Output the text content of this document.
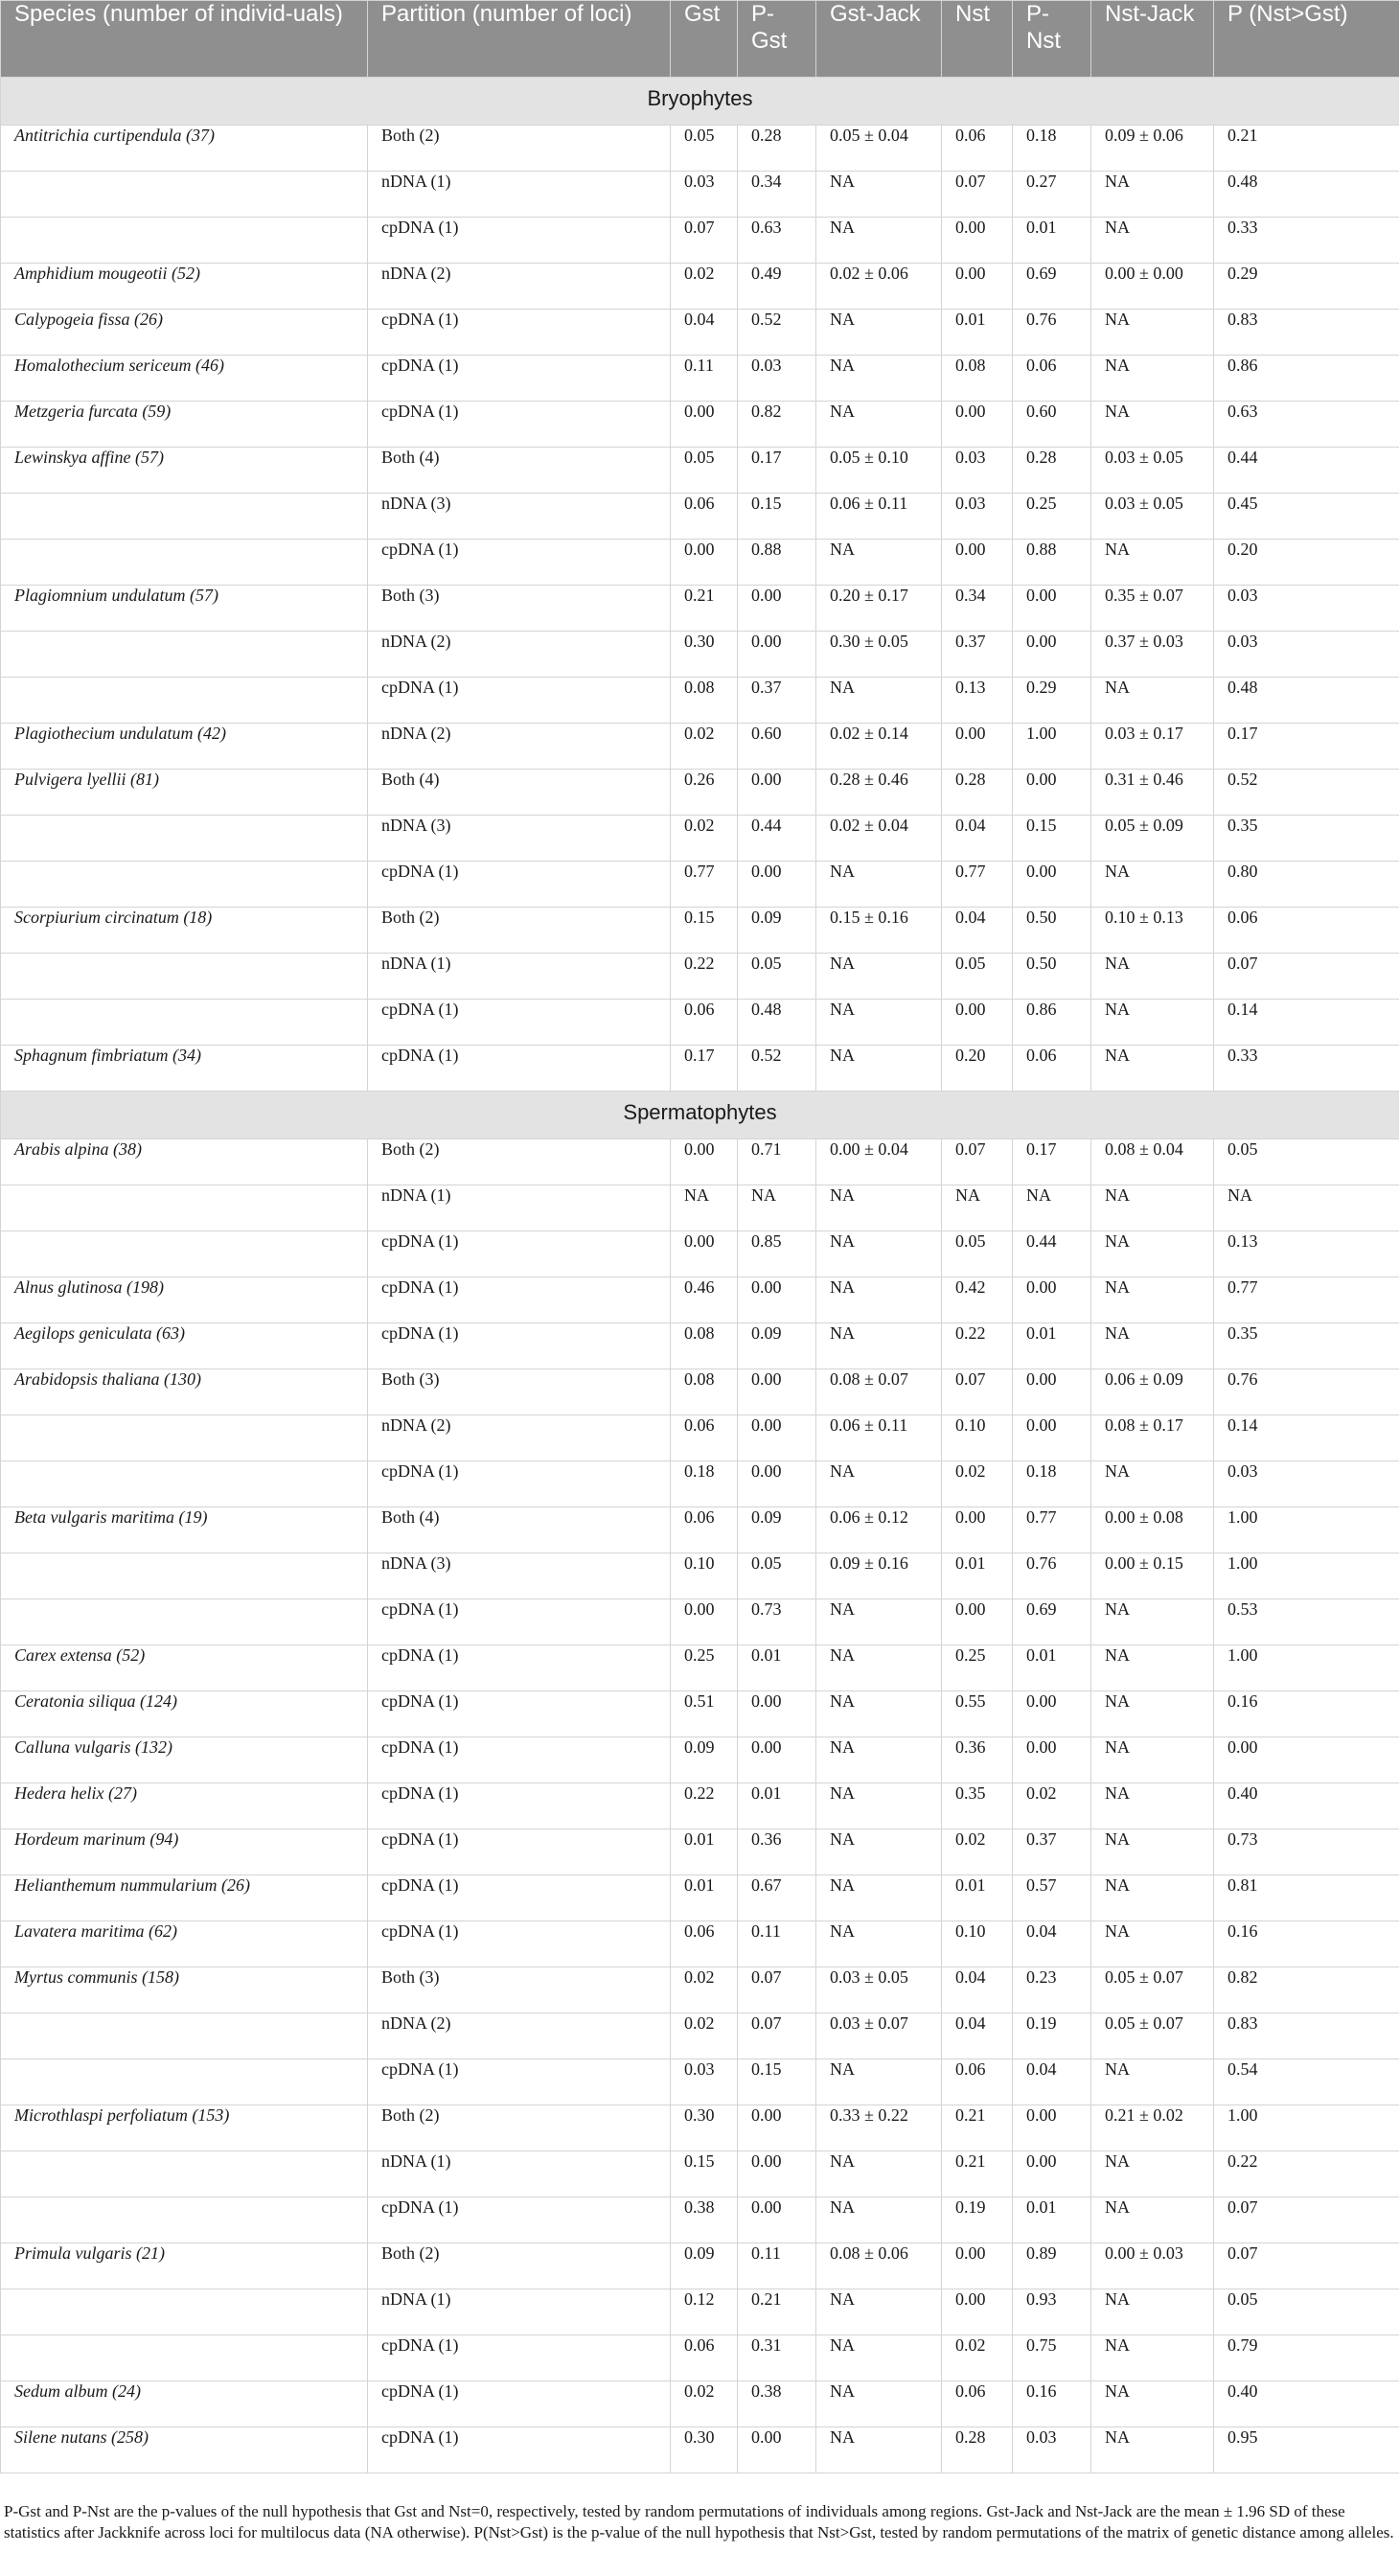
Species (number of individ-uals)	Partition (number of loci)	Gst	P-Gst	Gst-Jack	Nst	P-Nst	Nst-Jack	P (Nst>Gst)
Bryophytes								
Antitrichia curtipendula (37)	Both (2)	0.05	0.28	0.05 ± 0.04	0.06	0.18	0.09 ± 0.06	0.21
	nDNA (1)	0.03	0.34	NA	0.07	0.27	NA	0.48
	cpDNA (1)	0.07	0.63	NA	0.00	0.01	NA	0.33
Amphidium mougeotii (52)	nDNA (2)	0.02	0.49	0.02 ± 0.06	0.00	0.69	0.00 ± 0.00	0.29
Calypogeia fissa (26)	cpDNA (1)	0.04	0.52	NA	0.01	0.76	NA	0.83
Homalothecium sericeum (46)	cpDNA (1)	0.11	0.03	NA	0.08	0.06	NA	0.86
Metzgeria furcata (59)	cpDNA (1)	0.00	0.82	NA	0.00	0.60	NA	0.63
Lewinskya affine (57)	Both (4)	0.05	0.17	0.05 ± 0.10	0.03	0.28	0.03 ± 0.05	0.44
	nDNA (3)	0.06	0.15	0.06 ± 0.11	0.03	0.25	0.03 ± 0.05	0.45
	cpDNA (1)	0.00	0.88	NA	0.00	0.88	NA	0.20
Plagiomnium undulatum (57)	Both (3)	0.21	0.00	0.20 ± 0.17	0.34	0.00	0.35 ± 0.07	0.03
	nDNA (2)	0.30	0.00	0.30 ± 0.05	0.37	0.00	0.37 ± 0.03	0.03
	cpDNA (1)	0.08	0.37	NA	0.13	0.29	NA	0.48
Plagiothecium undulatum (42)	nDNA (2)	0.02	0.60	0.02 ± 0.14	0.00	1.00	0.03 ± 0.17	0.17
Pulvigera lyellii (81)	Both (4)	0.26	0.00	0.28 ± 0.46	0.28	0.00	0.31 ± 0.46	0.52
	nDNA (3)	0.02	0.44	0.02 ± 0.04	0.04	0.15	0.05 ± 0.09	0.35
	cpDNA (1)	0.77	0.00	NA	0.77	0.00	NA	0.80
Scorpiurium circinatum (18)	Both (2)	0.15	0.09	0.15 ± 0.16	0.04	0.50	0.10 ± 0.13	0.06
	nDNA (1)	0.22	0.05	NA	0.05	0.50	NA	0.07
	cpDNA (1)	0.06	0.48	NA	0.00	0.86	NA	0.14
Sphagnum fimbriatum (34)	cpDNA (1)	0.17	0.52	NA	0.20	0.06	NA	0.33
Spermatophytes								
Arabis alpina (38)	Both (2)	0.00	0.71	0.00 ± 0.04	0.07	0.17	0.08 ± 0.04	0.05
	nDNA (1)	NA	NA	NA	NA	NA	NA	NA
	cpDNA (1)	0.00	0.85	NA	0.05	0.44	NA	0.13
Alnus glutinosa (198)	cpDNA (1)	0.46	0.00	NA	0.42	0.00	NA	0.77
Aegilops geniculata (63)	cpDNA (1)	0.08	0.09	NA	0.22	0.01	NA	0.35
Arabidopsis thaliana (130)	Both (3)	0.08	0.00	0.08 ± 0.07	0.07	0.00	0.06 ± 0.09	0.76
	nDNA (2)	0.06	0.00	0.06 ± 0.11	0.10	0.00	0.08 ± 0.17	0.14
	cpDNA (1)	0.18	0.00	NA	0.02	0.18	NA	0.03
Beta vulgaris maritima (19)	Both (4)	0.06	0.09	0.06 ± 0.12	0.00	0.77	0.00 ± 0.08	1.00
	nDNA (3)	0.10	0.05	0.09 ± 0.16	0.01	0.76	0.00 ± 0.15	1.00
	cpDNA (1)	0.00	0.73	NA	0.00	0.69	NA	0.53
Carex extensa (52)	cpDNA (1)	0.25	0.01	NA	0.25	0.01	NA	1.00
Ceratonia siliqua (124)	cpDNA (1)	0.51	0.00	NA	0.55	0.00	NA	0.16
Calluna vulgaris (132)	cpDNA (1)	0.09	0.00	NA	0.36	0.00	NA	0.00
Hedera helix (27)	cpDNA (1)	0.22	0.01	NA	0.35	0.02	NA	0.40
Hordeum marinum (94)	cpDNA (1)	0.01	0.36	NA	0.02	0.37	NA	0.73
Helianthemum nummularium (26)	cpDNA (1)	0.01	0.67	NA	0.01	0.57	NA	0.81
Lavatera maritima (62)	cpDNA (1)	0.06	0.11	NA	0.10	0.04	NA	0.16
Myrtus communis (158)	Both (3)	0.02	0.07	0.03 ± 0.05	0.04	0.23	0.05 ± 0.07	0.82
	nDNA (2)	0.02	0.07	0.03 ± 0.07	0.04	0.19	0.05 ± 0.07	0.83
	cpDNA (1)	0.03	0.15	NA	0.06	0.04	NA	0.54
Microthlaspi perfoliatum (153)	Both (2)	0.30	0.00	0.33 ± 0.22	0.21	0.00	0.21 ± 0.02	1.00
	nDNA (1)	0.15	0.00	NA	0.21	0.00	NA	0.22
	cpDNA (1)	0.38	0.00	NA	0.19	0.01	NA	0.07
Primula vulgaris (21)	Both (2)	0.09	0.11	0.08 ± 0.06	0.00	0.89	0.00 ± 0.03	0.07
	nDNA (1)	0.12	0.21	NA	0.00	0.93	NA	0.05
	cpDNA (1)	0.06	0.31	NA	0.02	0.75	NA	0.79
Sedum album (24)	cpDNA (1)	0.02	0.38	NA	0.06	0.16	NA	0.40
Silene nutans (258)	cpDNA (1)	0.30	0.00	NA	0.28	0.03	NA	0.95
P-Gst and P-Nst are the p-values of the null hypothesis that Gst and Nst=0, respectively, tested by random permutations of individuals among regions. Gst-Jack and Nst-Jack are the mean ± 1.96 SD of these statistics after Jackknife across loci for multilocus data (NA otherwise). P(Nst>Gst) is the p-value of the null hypothesis that Nst>Gst, tested by random permutations of the matrix of genetic distance among alleles.
